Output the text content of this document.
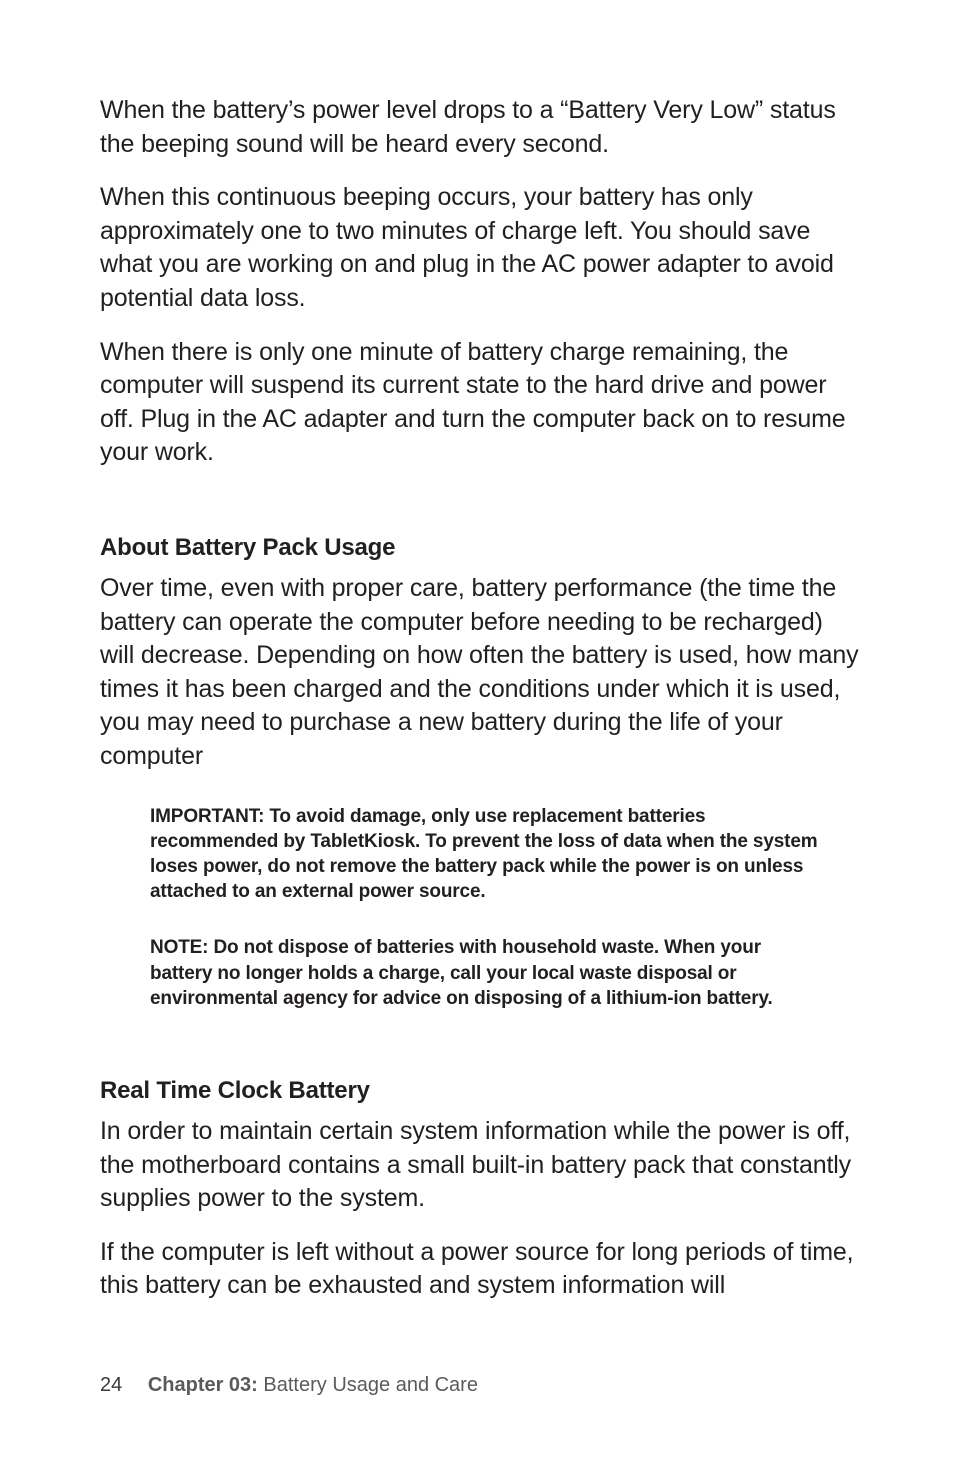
When the battery’s power level drops to a “Battery Very Low” status the beeping sound will be heard every second.

When this continuous beeping occurs, your battery has only approximately one to two minutes of charge left. You should save what you are working on and plug in the AC power adapter to avoid potential data loss.

When there is only one minute of battery charge remaining, the computer will suspend its current state to the hard drive and power off. Plug in the AC adapter and turn the computer back on to resume your work.

About Battery Pack Usage

Over time, even with proper care, battery performance (the time the battery can operate the computer before needing to be recharged) will decrease. Depending on how often the battery is used, how many times it has been charged and the conditions under which it is used, you may need to purchase a new battery during the life of your computer

IMPORTANT: To avoid damage, only use replacement batteries recommended by TabletKiosk. To prevent the loss of data when the system loses power, do not remove the battery pack while the power is on unless attached to an external power source.

NOTE: Do not dispose of batteries with household waste. When your battery no longer holds a charge, call your local waste disposal or environmental agency for advice on disposing of a lithium-ion battery.

Real Time Clock Battery

In order to maintain certain system information while the power is off, the motherboard contains a small built-in battery pack that constantly supplies power to the system.

If the computer is left without a power source for long periods of time, this battery can be exhausted and system information will

24 Chapter 03: Battery Usage and Care
